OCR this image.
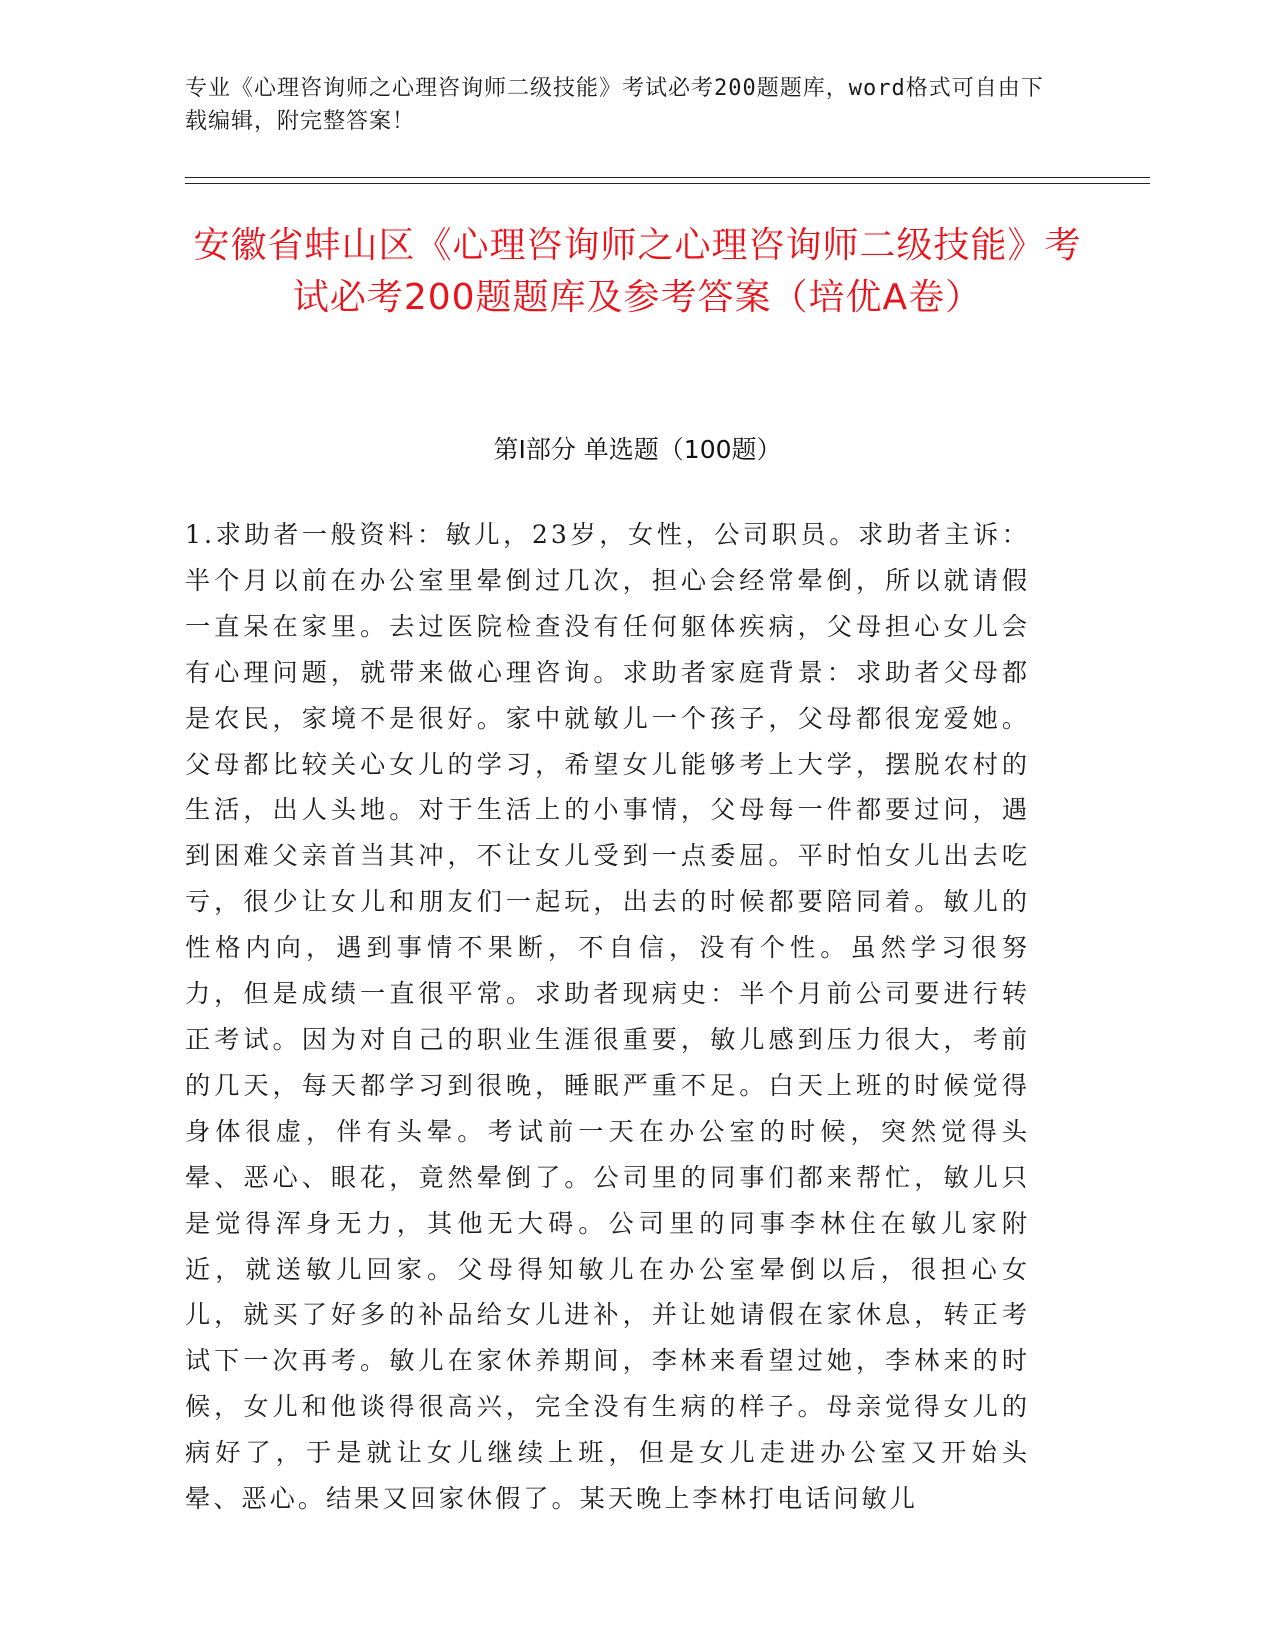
专业《心理咨询师之心理咨询师二级技能》考试必考200题题库，word格式可自由下载编辑，附完整答案！
安徽省蚌山区《心理咨询师之心理咨询师二级技能》考试必考200题题库及参考答案（培优A卷）
第I部分 单选题（100题）
1.求助者一般资料：敏儿，23岁，女性，公司职员。求助者主诉：半个月以前在办公室里晕倒过几次，担心会经常晕倒，所以就请假一直呆在家里。去过医院检查没有任何躯体疾病，父母担心女儿会有心理问题，就带来做心理咨询。求助者家庭背景：求助者父母都是农民，家境不是很好。家中就敏儿一个孩子，父母都很宠爱她。父母都比较关心女儿的学习，希望女儿能够考上大学，摆脱农村的生活，出人头地。对于生活上的小事情，父母每一件都要过问，遇到困难父亲首当其冲，不让女儿受到一点委屈。平时怕女儿出去吃亏，很少让女儿和朋友们一起玩，出去的时候都要陪同着。敏儿的性格内向，遇到事情不果断，不自信，没有个性。虽然学习很努力，但是成绩一直很平常。求助者现病史：半个月前公司要进行转正考试。因为对自己的职业生涯很重要，敏儿感到压力很大，考前的几天，每天都学习到很晚，睡眠严重不足。白天上班的时候觉得身体很虚，伴有头晕。考试前一天在办公室的时候，突然觉得头晕、恶心、眼花，竟然晕倒了。公司里的同事们都来帮忙，敏儿只是觉得浑身无力，其他无大碍。公司里的同事李林住在敏儿家附近，就送敏儿回家。父母得知敏儿在办公室晕倒以后，很担心女儿，就买了好多的补品给女儿进补，并让她请假在家休息，转正考试下一次再考。敏儿在家休养期间，李林来看望过她，李林来的时候，女儿和他谈得很高兴，完全没有生病的样子。母亲觉得女儿的病好了，于是就让女儿继续上班，但是女儿走进办公室又开始头晕、恶心。结果又回家休假了。某天晚上李林打电话问敏儿
